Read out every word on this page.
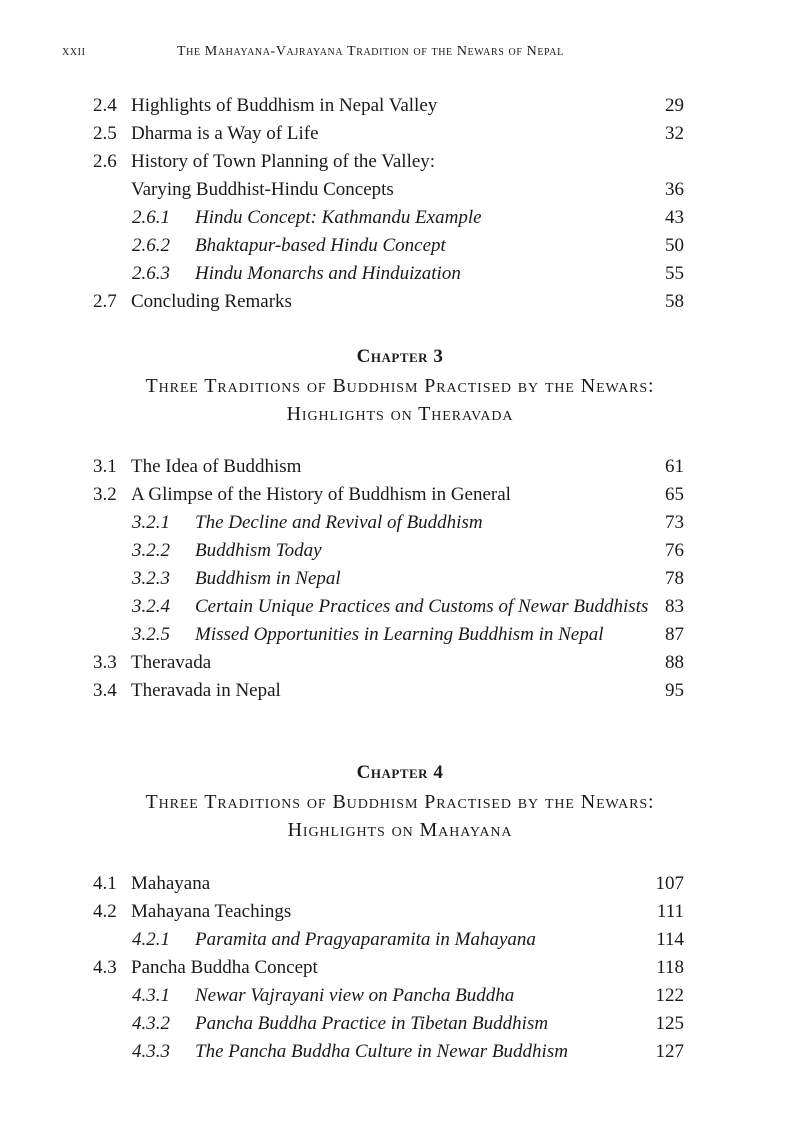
xxii	The Mahayana-Vajrayana Tradition of the Newars of Nepal
2.4 Highlights of Buddhism in Nepal Valley	29
2.5 Dharma is a Way of Life	32
2.6 History of Town Planning of the Valley:
Varying Buddhist-Hindu Concepts	36
2.6.1 Hindu Concept: Kathmandu Example	43
2.6.2 Bhaktapur-based Hindu Concept	50
2.6.3 Hindu Monarchs and Hinduization	55
2.7 Concluding Remarks	58
Chapter 3
Three Traditions of Buddhism Practised by the Newars:
Highlights on Theravada
3.1 The Idea of Buddhism	61
3.2 A Glimpse of the History of Buddhism in General	65
3.2.1 The Decline and Revival of Buddhism	73
3.2.2 Buddhism Today	76
3.2.3 Buddhism in Nepal	78
3.2.4 Certain Unique Practices and Customs of Newar Buddhists 83
3.2.5 Missed Opportunities in Learning Buddhism in Nepal	87
3.3 Theravada	88
3.4 Theravada in Nepal	95
Chapter 4
Three Traditions of Buddhism Practised by the Newars:
Highlights on Mahayana
4.1 Mahayana	107
4.2 Mahayana Teachings	111
4.2.1 Paramita and Pragyaparamita in Mahayana	114
4.3 Pancha Buddha Concept	118
4.3.1 Newar Vajrayani view on Pancha Buddha	122
4.3.2 Pancha Buddha Practice in Tibetan Buddhism	125
4.3.3 The Pancha Buddha Culture in Newar Buddhism	127
